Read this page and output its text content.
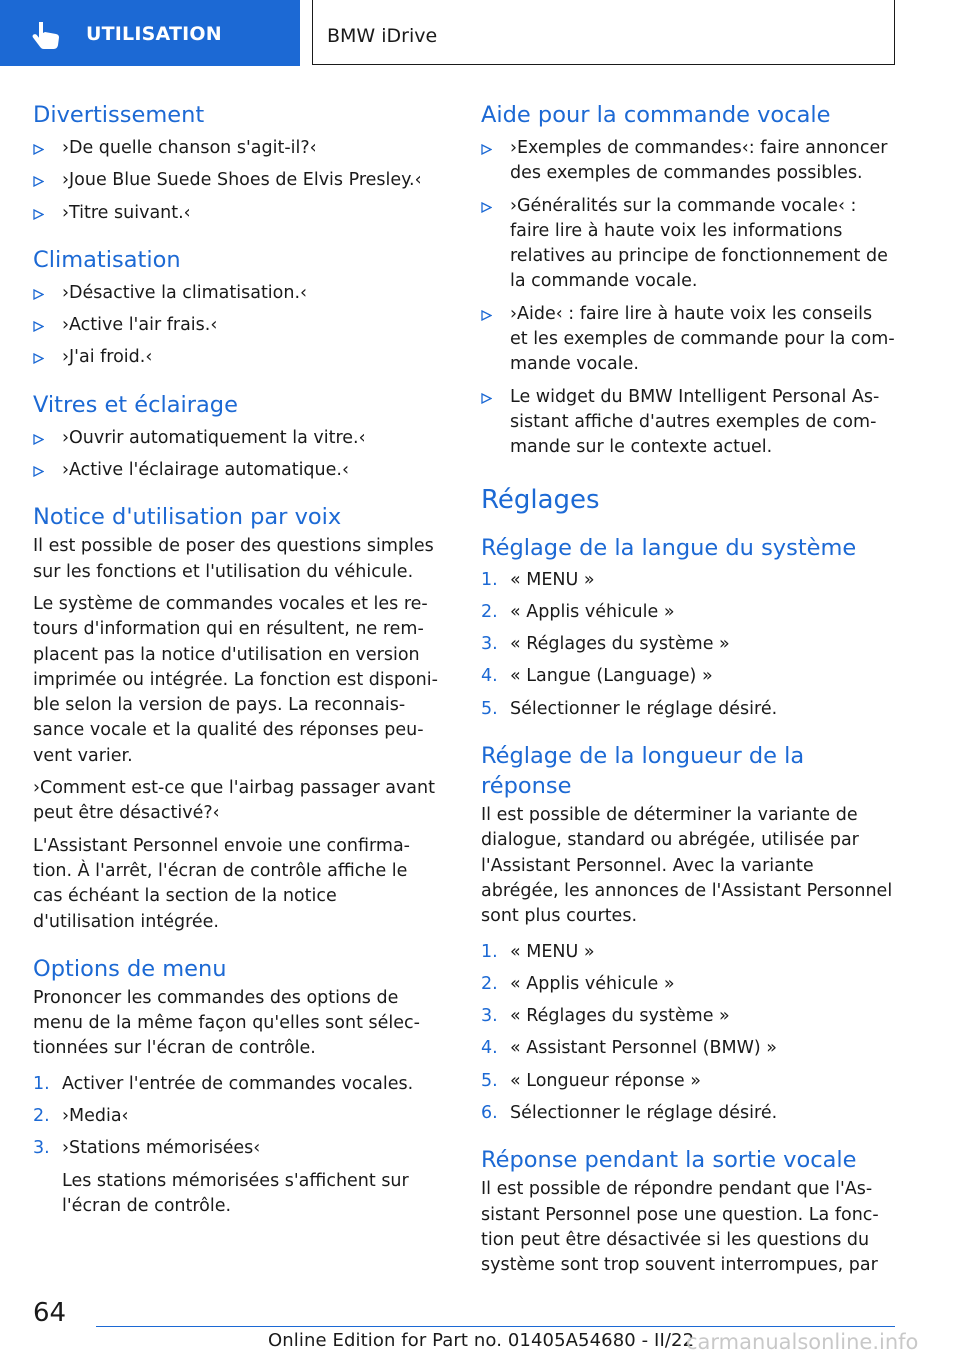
UTILISATION	BMW iDrive
Divertissement
›De quelle chanson s'agit-il?‹
›Joue Blue Suede Shoes de Elvis Presley.‹
›Titre suivant.‹
Climatisation
›Désactive la climatisation.‹
›Active l'air frais.‹
›J'ai froid.‹
Vitres et éclairage
›Ouvrir automatiquement la vitre.‹
›Active l'éclairage automatique.‹
Notice d'utilisation par voix

Il est possible de poser des questions simples sur les fonctions et l'utilisation du véhicule.

Le système de commandes vocales et les retours d'information qui en résultent, ne remplacent pas la notice d'utilisation en version imprimée ou intégrée. La fonction est disponible selon la version de pays. La reconnaissance vocale et la qualité des réponses peuvent varier.

›Comment est-ce que l'airbag passager avant peut être désactivé?‹

L'Assistant Personnel envoie une confirmation. À l'arrêt, l'écran de contrôle affiche le cas échéant la section de la notice d'utilisation intégrée.

Options de menu

Prononcer les commandes des options de menu de la même façon qu'elles sont sélectionnées sur l'écran de contrôle.

1. Activer l'entrée de commandes vocales.
2. ›Media‹
3. ›Stations mémorisées‹

Les stations mémorisées s'affichent sur l'écran de contrôle.

Aide pour la commande vocale
›Exemples de commandes‹: faire annoncer des exemples de commandes possibles.
›Généralités sur la commande vocale‹ : faire lire à haute voix les informations relatives au principe de fonctionnement de la commande vocale.
›Aide‹ : faire lire à haute voix les conseils et les exemples de commande pour la commande vocale.
Le widget du BMW Intelligent Personal Assistant affiche d'autres exemples de commande sur le contexte actuel.
Réglages
Réglage de la langue du système
1. « MENU »
2. « Applis véhicule »
3. « Réglages du système »
4. « Langue (Language) »
5. Sélectionner le réglage désiré.
Réglage de la longueur de la réponse

Il est possible de déterminer la variante de dialogue, standard ou abrégée, utilisée par l'Assistant Personnel. Avec la variante abrégée, les annonces de l'Assistant Personnel sont plus courtes.

1. « MENU »
2. « Applis véhicule »
3. « Réglages du système »
4. « Assistant Personnel (BMW) »
5. « Longueur réponse »
6. Sélectionner le réglage désiré.
Réponse pendant la sortie vocale

Il est possible de répondre pendant que l'Assistant Personnel pose une question. La fonction peut être désactivée si les questions du système sont trop souvent interrompues, par

64
Online Edition for Part no. 01405A54680 - II/22
carmanualsonline.info
